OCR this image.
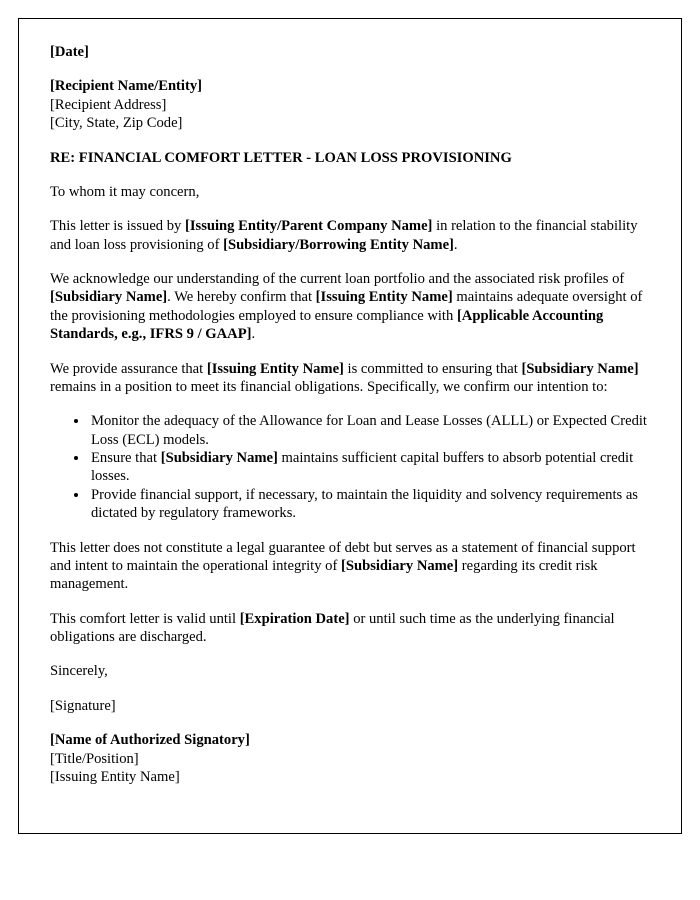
[Date]

[Recipient Name/Entity]
[Recipient Address]
[City, State, Zip Code]

RE: FINANCIAL COMFORT LETTER - LOAN LOSS PROVISIONING

To whom it may concern,

This letter is issued by [Issuing Entity/Parent Company Name] in relation to the financial stability and loan loss provisioning of [Subsidiary/Borrowing Entity Name].

We acknowledge our understanding of the current loan portfolio and the associated risk profiles of [Subsidiary Name]. We hereby confirm that [Issuing Entity Name] maintains adequate oversight of the provisioning methodologies employed to ensure compliance with [Applicable Accounting Standards, e.g., IFRS 9 / GAAP].

We provide assurance that [Issuing Entity Name] is committed to ensuring that [Subsidiary Name] remains in a position to meet its financial obligations. Specifically, we confirm our intention to:

• Monitor the adequacy of the Allowance for Loan and Lease Losses (ALLL) or Expected Credit Loss (ECL) models.
• Ensure that [Subsidiary Name] maintains sufficient capital buffers to absorb potential credit losses.
• Provide financial support, if necessary, to maintain the liquidity and solvency requirements as dictated by regulatory frameworks.

This letter does not constitute a legal guarantee of debt but serves as a statement of financial support and intent to maintain the operational integrity of [Subsidiary Name] regarding its credit risk management.

This comfort letter is valid until [Expiration Date] or until such time as the underlying financial obligations are discharged.

Sincerely,

[Signature]

[Name of Authorized Signatory]
[Title/Position]
[Issuing Entity Name]
